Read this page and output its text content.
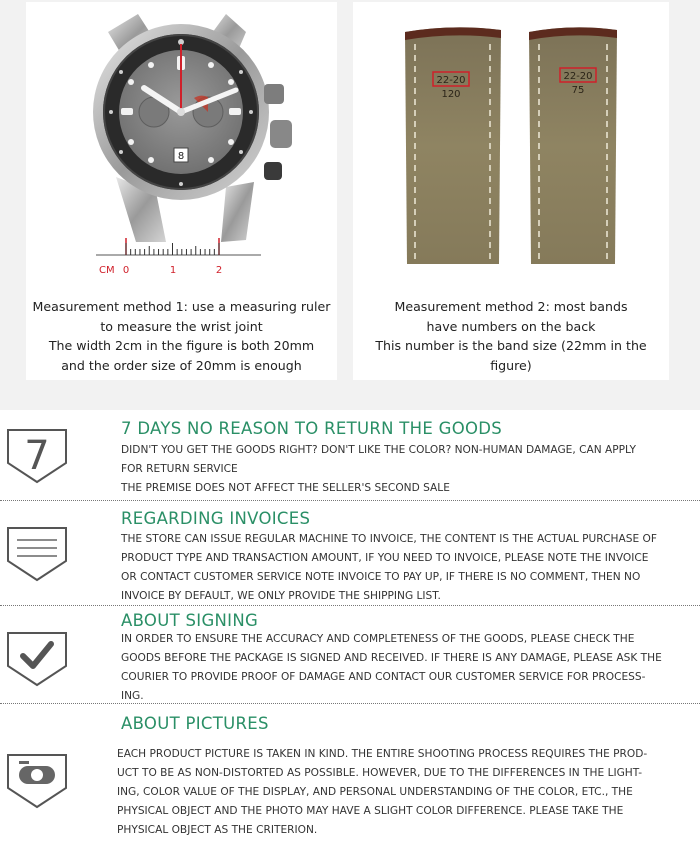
8
CM 0	1	2
Measurement method 1: use a measuring ruler
to measure the wrist joint
The width 2cm in the figure is both 20mm
and the order size of 20mm is enough
22-20
120
22-20
75
Measurement method 2: most bands
have numbers on the back
This number is the band size (22mm in the figure)
7
7 DAYS NO REASON TO RETURN THE GOODS

DIDN'T YOU GET THE GOODS RIGHT? DON'T LIKE THE COLOR? NON-HUMAN DAMAGE, CAN APPLY

FOR RETURN SERVICE

THE PREMISE DOES NOT AFFECT THE SELLER'S SECOND SALE

REGARDING INVOICES

THE STORE CAN ISSUE REGULAR MACHINE TO INVOICE, THE CONTENT IS THE ACTUAL PURCHASE OF

PRODUCT TYPE AND TRANSACTION AMOUNT, IF YOU NEED TO INVOICE, PLEASE NOTE THE INVOICE

OR CONTACT CUSTOMER SERVICE NOTE INVOICE TO PAY UP, IF THERE IS NO COMMENT, THEN NO

INVOICE BY DEFAULT, WE ONLY PROVIDE THE SHIPPING LIST.

ABOUT SIGNING

IN ORDER TO ENSURE THE ACCURACY AND COMPLETENESS OF THE GOODS, PLEASE CHECK THE

GOODS BEFORE THE PACKAGE IS SIGNED AND RECEIVED. IF THERE IS ANY DAMAGE, PLEASE ASK THE

COURIER TO PROVIDE PROOF OF DAMAGE AND CONTACT OUR CUSTOMER SERVICE FOR PROCESS-

ING.

ABOUT PICTURES

EACH PRODUCT PICTURE IS TAKEN IN KIND. THE ENTIRE SHOOTING PROCESS REQUIRES THE PROD-

UCT TO BE AS NON-DISTORTED AS POSSIBLE. HOWEVER, DUE TO THE DIFFERENCES IN THE LIGHT-

ING, COLOR VALUE OF THE DISPLAY, AND PERSONAL UNDERSTANDING OF THE COLOR, ETC., THE

PHYSICAL OBJECT AND THE PHOTO MAY HAVE A SLIGHT COLOR DIFFERENCE. PLEASE TAKE THE

PHYSICAL OBJECT AS THE CRITERION.
